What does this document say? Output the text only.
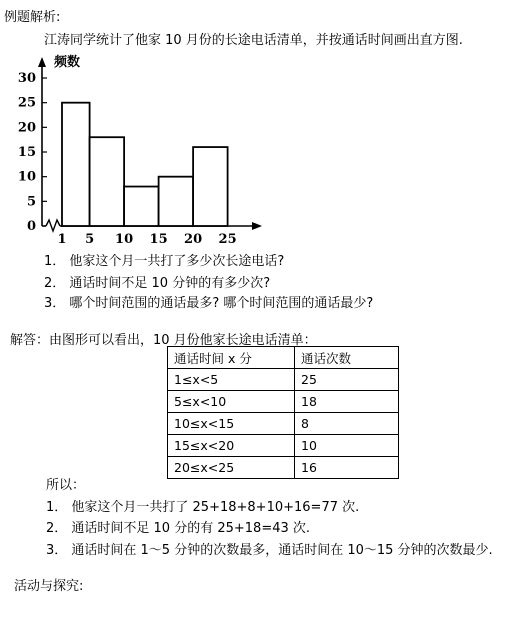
例题解析:
江涛同学统计了他家 10 月份的长途电话清单，并按通话时间画出直方图.
频数
0
5
10
15
20
25
30
1 5 10 15 20 25
1． 他家这个月一共打了多少次长途电话?
2． 通话时间不足 10 分钟的有多少次?
3． 哪个时间范围的通话最多? 哪个时间范围的通话最少?
解答：由图形可以看出，10 月份他家长途电话清单：
通话时间 x 分	通话次数
1≤x<5	25
5≤x<10	18
10≤x<15	8
15≤x<20	10
20≤x<25	16
所以：
1． 他家这个月一共打了 25+18+8+10+16=77 次.
2． 通话时间不足 10 分的有 25+18=43 次.
3． 通话时间在 1～5 分钟的次数最多，通话时间在 10～15 分钟的次数最少.
活动与探究:
